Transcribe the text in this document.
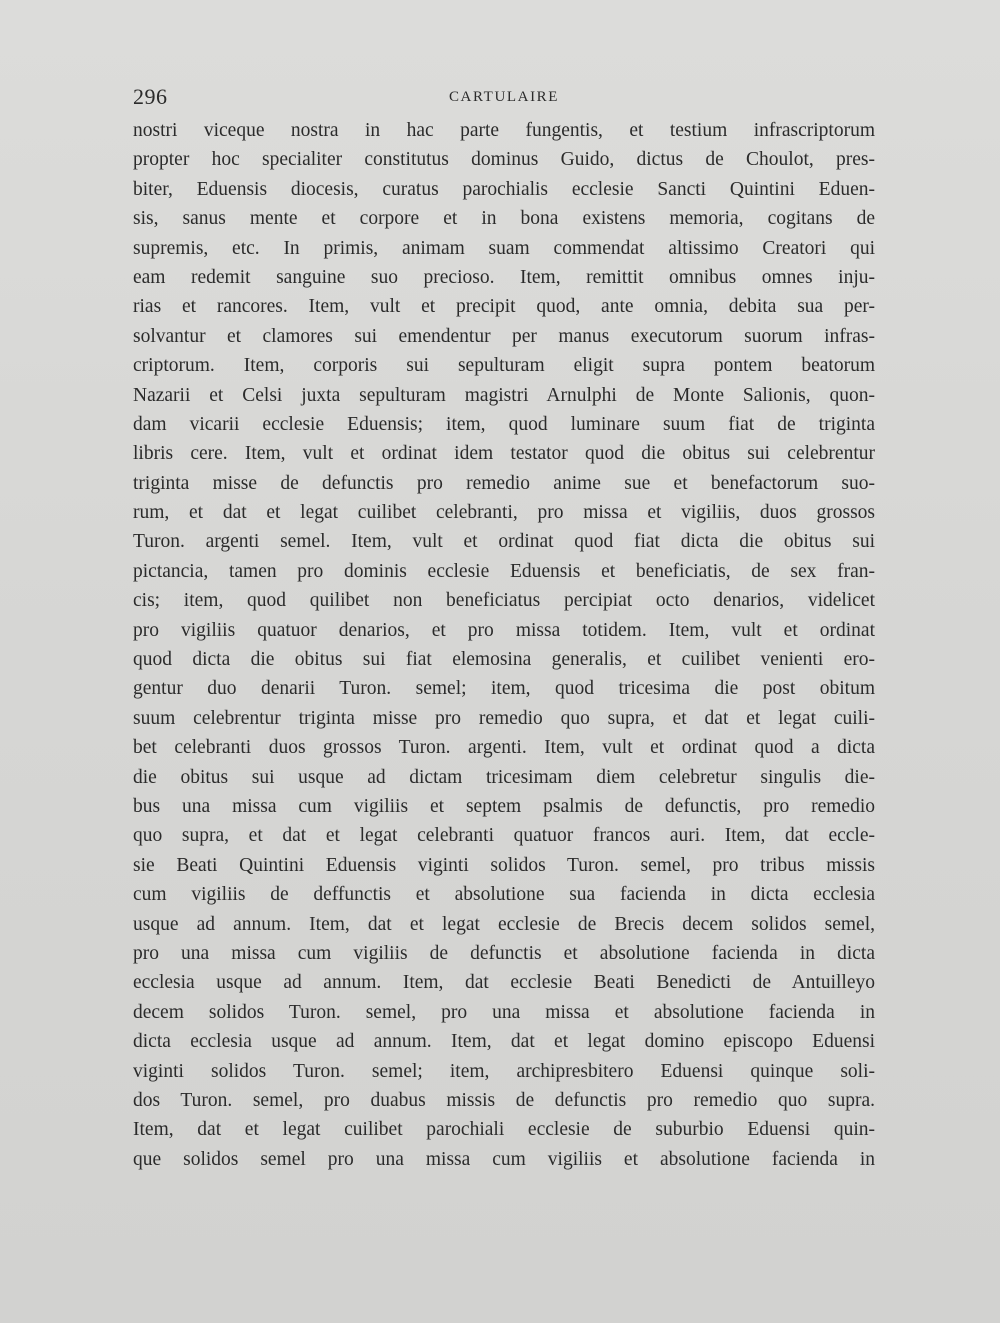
296	CARTULAIRE
nostri viceque nostra in hac parte fungentis, et testium infrascriptorum
propter hoc specialiter constitutus dominus Guido, dictus de Choulot, pres-
biter, Eduensis diocesis, curatus parochialis ecclesie Sancti Quintini Eduen-
sis, sanus mente et corpore et in bona existens memoria, cogitans de
supremis, etc. In primis, animam suam commendat altissimo Creatori qui
eam redemit sanguine suo precioso. Item, remittit omnibus omnes inju-
rias et rancores. Item, vult et precipit quod, ante omnia, debita sua per-
solvantur et clamores sui emendentur per manus executorum suorum infras-
criptorum. Item, corporis sui sepulturam eligit supra pontem beatorum
Nazarii et Celsi juxta sepulturam magistri Arnulphi de Monte Salionis, quon-
dam vicarii ecclesie Eduensis; item, quod luminare suum fiat de triginta
libris cere. Item, vult et ordinat idem testator quod die obitus sui celebrentur
triginta misse de defunctis pro remedio anime sue et benefactorum suo-
rum, et dat et legat cuilibet celebranti, pro missa et vigiliis, duos grossos
Turon. argenti semel. Item, vult et ordinat quod fiat dicta die obitus sui
pictancia, tamen pro dominis ecclesie Eduensis et beneficiatis, de sex fran-
cis; item, quod quilibet non beneficiatus percipiat octo denarios, videlicet
pro vigiliis quatuor denarios, et pro missa totidem. Item, vult et ordinat
quod dicta die obitus sui fiat elemosina generalis, et cuilibet venienti ero-
gentur duo denarii Turon. semel; item, quod tricesima die post obitum
suum celebrentur triginta misse pro remedio quo supra, et dat et legat cuili-
bet celebranti duos grossos Turon. argenti. Item, vult et ordinat quod a dicta
die obitus sui usque ad dictam tricesimam diem celebretur singulis die-
bus una missa cum vigiliis et septem psalmis de defunctis, pro remedio
quo supra, et dat et legat celebranti quatuor francos auri. Item, dat eccle-
sie Beati Quintini Eduensis viginti solidos Turon. semel, pro tribus missis
cum vigiliis de deffunctis et absolutione sua facienda in dicta ecclesia
usque ad annum. Item, dat et legat ecclesie de Brecis decem solidos semel,
pro una missa cum vigiliis de defunctis et absolutione facienda in dicta
ecclesia usque ad annum. Item, dat ecclesie Beati Benedicti de Antuilleyo
decem solidos Turon. semel, pro una missa et absolutione facienda in
dicta ecclesia usque ad annum. Item, dat et legat domino episcopo Eduensi
viginti solidos Turon. semel; item, archipresbitero Eduensi quinque soli-
dos Turon. semel, pro duabus missis de defunctis pro remedio quo supra.
Item, dat et legat cuilibet parochiali ecclesie de suburbio Eduensi quin-
que solidos semel pro una missa cum vigiliis et absolutione facienda in
